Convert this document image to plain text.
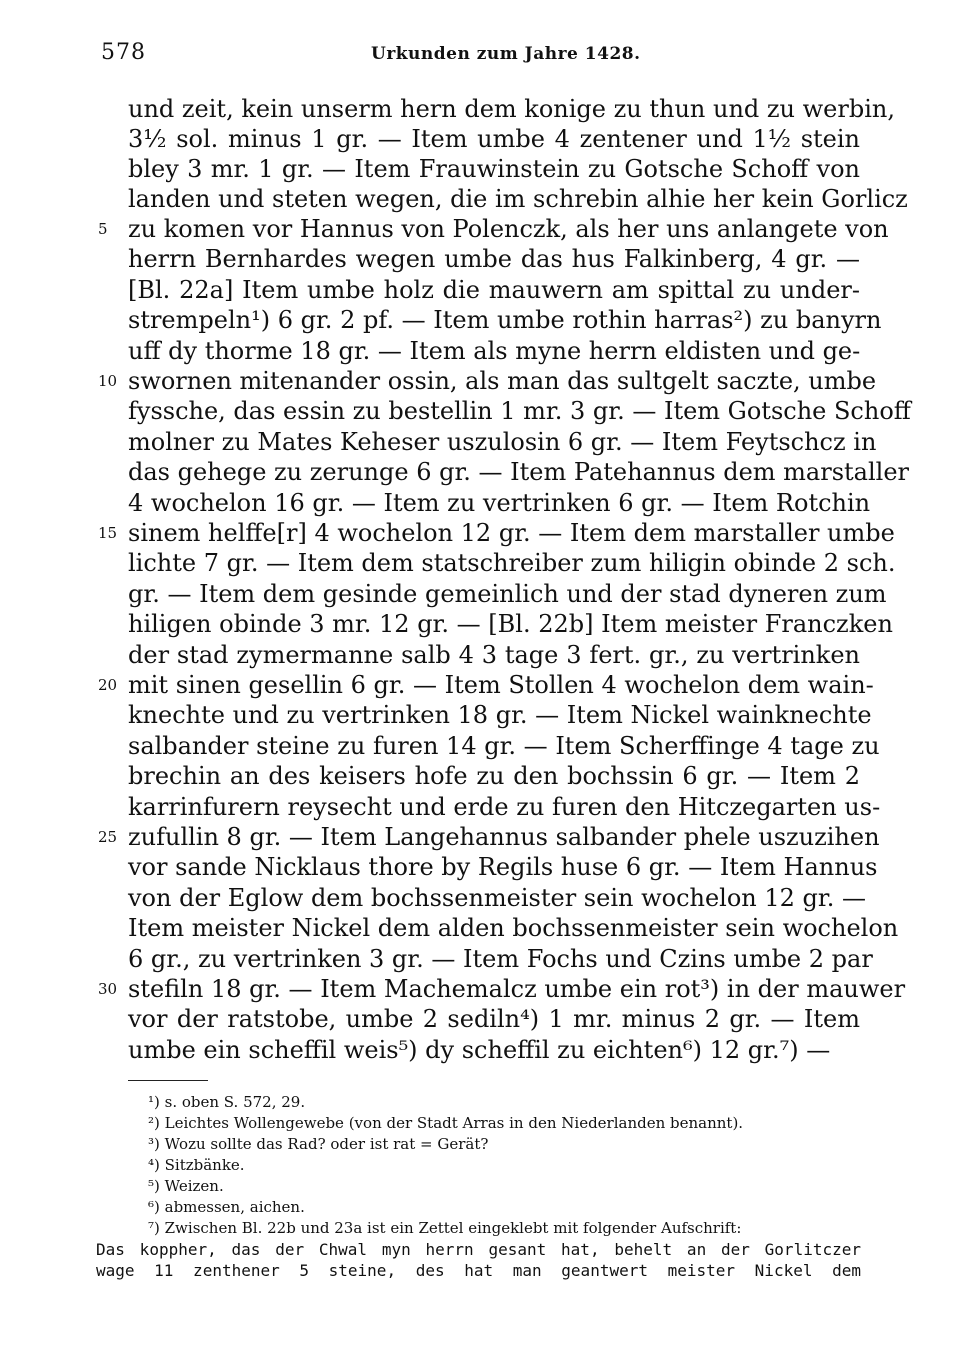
578	Urkunden zum Jahre 1428.
5
10
15
20
25
30
und zeit, kein unserm hern dem konige zu thun und zu werbin,
3½ sol. minus 1 gr. — Item umbe 4 zentener und 1½ stein
bley 3 mr. 1 gr. — Item Frauwinstein zu Gotsche Schoff von
landen und steten wegen, die im schrebin alhie her kein Gorlicz
zu komen vor Hannus von Polenczk, als her uns anlangete von
herrn Bernhardes wegen umbe das hus Falkinberg, 4 gr. —
[Bl. 22a] Item umbe holz die mauwern am spittal zu under-
strempeln¹) 6 gr. 2 pf. — Item umbe rothin harras²) zu banyrn
uff dy thorme 18 gr. — Item als myne herrn eldisten und ge-
swornen mitenander ossin, als man das sultgelt saczte, umbe
fyssche, das essin zu bestellin 1 mr. 3 gr. — Item Gotsche Schoff
molner zu Mates Keheser uszulosin 6 gr. — Item Feytschcz in
das gehege zu zerunge 6 gr. — Item Patehannus dem marstaller
4 wochelon 16 gr. — Item zu vertrinken 6 gr. — Item Rotchin
sinem helffe[r] 4 wochelon 12 gr. — Item dem marstaller umbe
lichte 7 gr. — Item dem statschreiber zum hiligin obinde 2 sch.
gr. — Item dem gesinde gemeinlich und der stad dyneren zum
hiligen obinde 3 mr. 12 gr. — [Bl. 22b] Item meister Franczken
der stad zymermanne salb 4 3 tage 3 fert. gr., zu vertrinken
mit sinen gesellin 6 gr. — Item Stollen 4 wochelon dem wain-
knechte und zu vertrinken 18 gr. — Item Nickel wainknechte
salbander steine zu furen 14 gr. — Item Scherffinge 4 tage zu
brechin an des keisers hofe zu den bochssin 6 gr. — Item 2
karrinfurern reysecht und erde zu furen den Hitczegarten us-
zufullin 8 gr. — Item Langehannus salbander phele uszuzihen
vor sande Nicklaus thore by Regils huse 6 gr. — Item Hannus
von der Eglow dem bochssenmeister sein wochelon 12 gr. —
Item meister Nickel dem alden bochssenmeister sein wochelon
6 gr., zu vertrinken 3 gr. — Item Fochs und Czins umbe 2 par
stefiln 18 gr. — Item Machemalcz umbe ein rot³) in der mauwer
vor der ratstobe, umbe 2 sediln⁴) 1 mr. minus 2 gr. — Item
umbe ein scheffil weis⁵) dy scheffil zu eichten⁶) 12 gr.⁷) —
¹) s. oben S. 572, 29.
²) Leichtes Wollengewebe (von der Stadt Arras in den Niederlanden benannt).
³) Wozu sollte das Rad? oder ist rat = Gerät?
⁴) Sitzbänke.
⁵) Weizen.
⁶) abmessen, aichen.
⁷) Zwischen Bl. 22b und 23a ist ein Zettel eingeklebt mit folgender Aufschrift:
Das koppher, das der Chwal myn herrn gesant hat, behelt an der Gorlitczer
wage 11 zenthener 5 steine, des hat man geantwert meister Nickel dem
